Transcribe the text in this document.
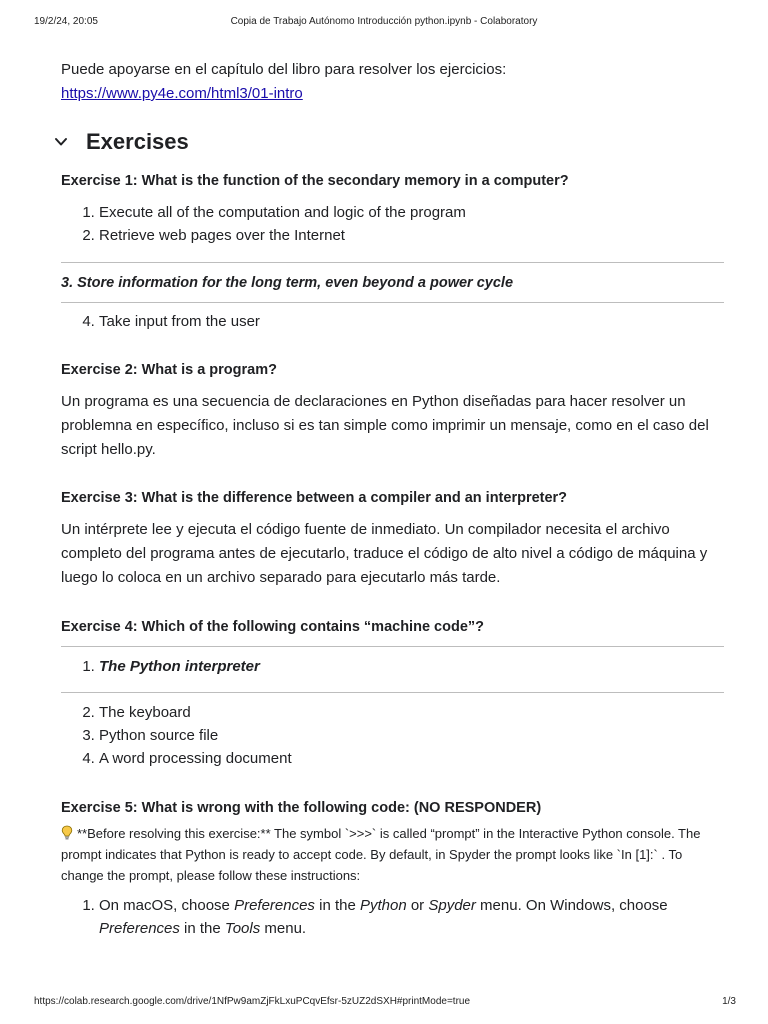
19/2/24, 20:05	Copia de Trabajo Autónomo Introducción python.ipynb - Colaboratory

Puede apoyarse en el capítulo del libro para resolver los ejercicios:
https://www.py4e.com/html3/01-intro

Exercises

Exercise 1: What is the function of the secondary memory in a computer?

1. Execute all of the computation and logic of the program
2. Retrieve web pages over the Internet

3. Store information for the long term, even beyond a power cycle

4. Take input from the user

Exercise 2: What is a program?

Un programa es una secuencia de declaraciones en Python diseñadas para hacer resolver un problemna en específico, incluso si es tan simple como imprimir un mensaje, como en el caso del script hello.py.

Exercise 3: What is the difference between a compiler and an interpreter?

Un intérprete lee y ejecuta el código fuente de inmediato. Un compilador necesita el archivo completo del programa antes de ejecutarlo, traduce el código de alto nivel a código de máquina y luego lo coloca en un archivo separado para ejecutarlo más tarde.

Exercise 4: Which of the following contains “machine code”?

1. The Python interpreter
2. The keyboard
3. Python source file
4. A word processing document

Exercise 5: What is wrong with the following code: (NO RESPONDER)

**Before resolving this exercise:** The symbol `>>>` is called “prompt” in the Interactive Python console. The prompt indicates that Python is ready to accept code. By default, in Spyder the prompt looks like `In [1]:` . To change the prompt, please follow these instructions:

1. On macOS, choose Preferences in the Python or Spyder menu. On Windows, choose Preferences in the Tools menu.
https://colab.research.google.com/drive/1NfPw9amZjFkLxuPCqvEfsr-5zUZ2dSXH#printMode=true	1/3
